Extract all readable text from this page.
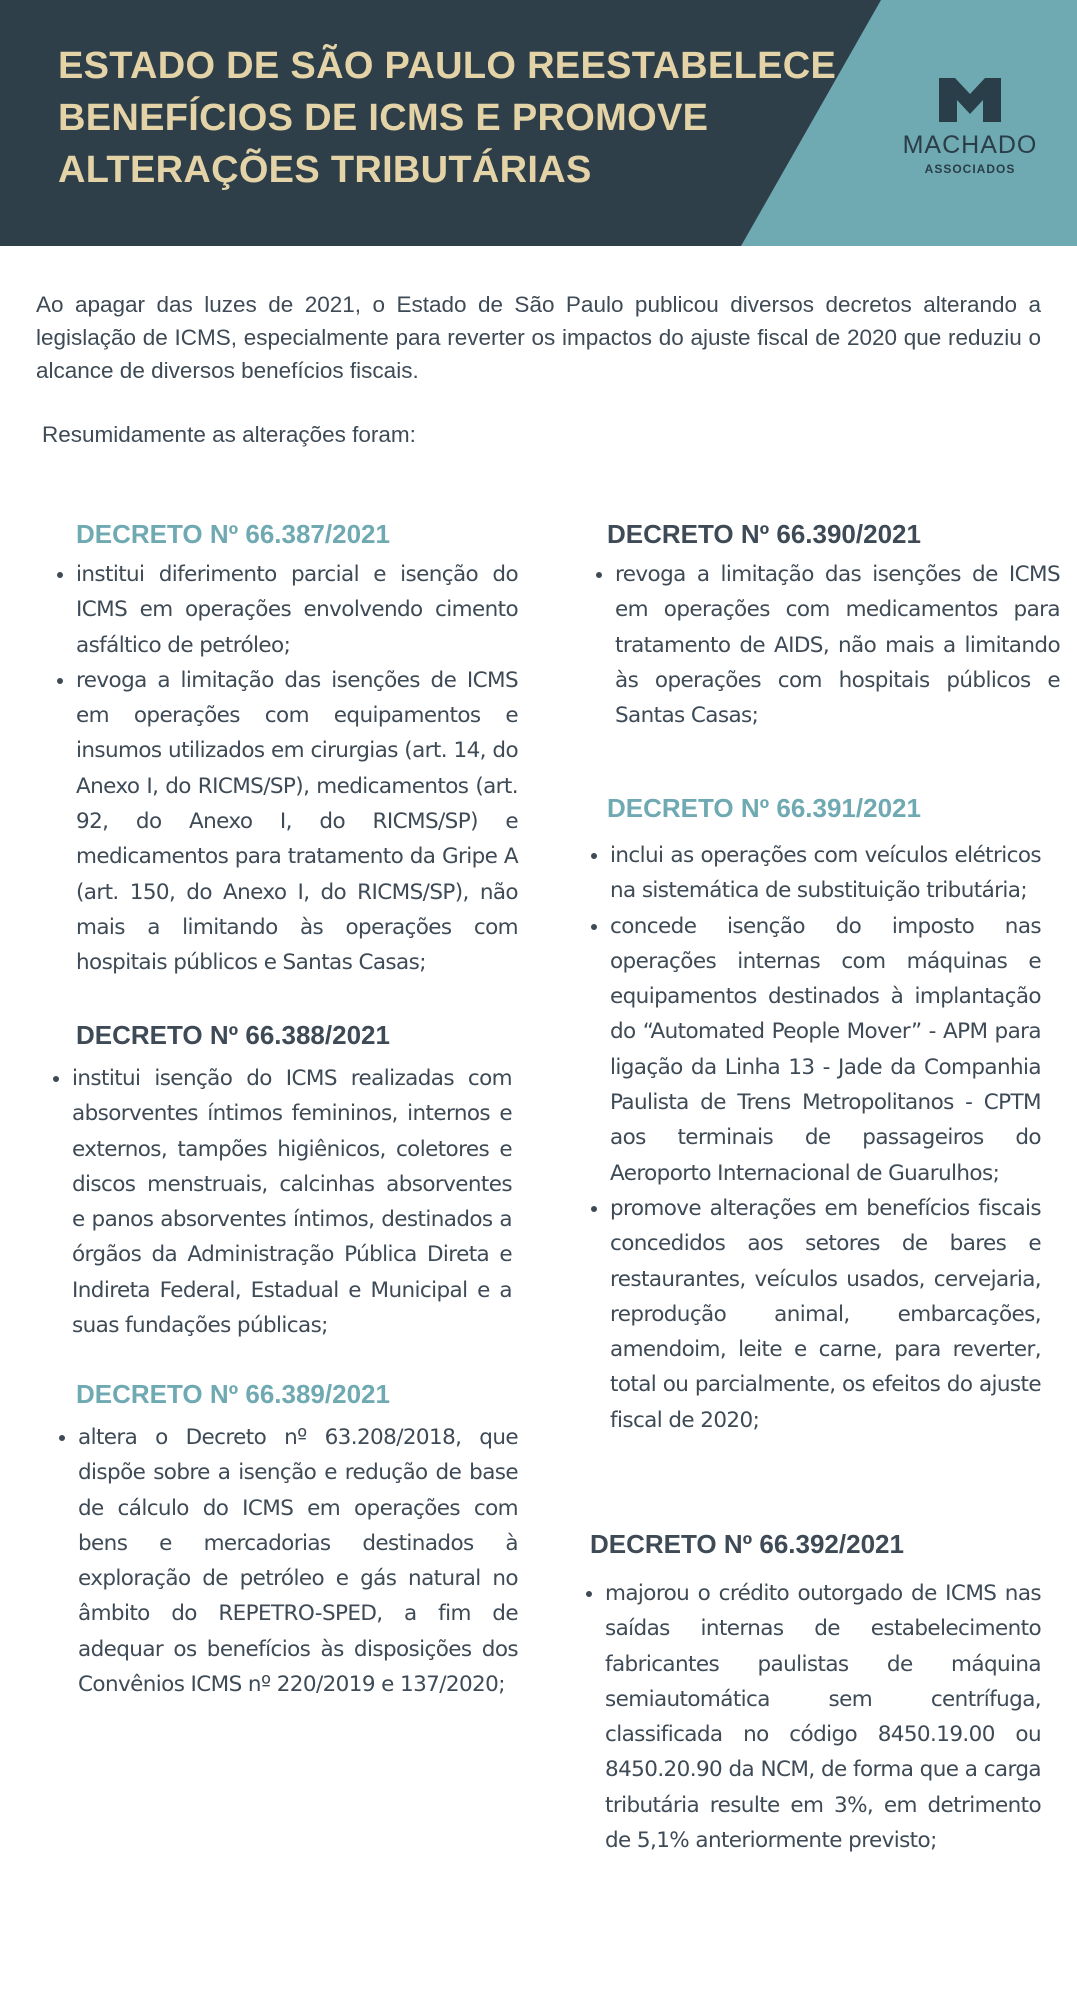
ESTADO DE SÃO PAULO REESTABELECE BENEFÍCIOS DE ICMS E PROMOVE ALTERAÇÕES TRIBUTÁRIAS
MACHADO
ASSOCIADOS

Ao apagar das luzes de 2021, o Estado de São Paulo publicou diversos decretos alterando a legislação de ICMS, especialmente para reverter os impactos do ajuste fiscal de 2020 que reduziu o alcance de diversos benefícios fiscais.

Resumidamente as alterações foram:

DECRETO Nº 66.387/2021
• institui diferimento parcial e isenção do ICMS em operações envolvendo cimento asfáltico de petróleo;
• revoga a limitação das isenções de ICMS em operações com equipamentos e insumos utilizados em cirurgias (art. 14, do Anexo I, do RICMS/SP), medicamentos (art. 92, do Anexo I, do RICMS/SP) e medicamentos para tratamento da Gripe A (art. 150, do Anexo I, do RICMS/SP), não mais a limitando às operações com hospitais públicos e Santas Casas;
DECRETO Nº 66.388/2021
• institui isenção do ICMS realizadas com absorventes íntimos femininos, internos e externos, tampões higiênicos, coletores e discos menstruais, calcinhas absorventes e panos absorventes íntimos, destinados a órgãos da Administração Pública Direta e Indireta Federal, Estadual e Municipal e a suas fundações públicas;
DECRETO Nº 66.389/2021
• altera o Decreto nº 63.208/2018, que dispõe sobre a isenção e redução de base de cálculo do ICMS em operações com bens e mercadorias destinados à exploração de petróleo e gás natural no âmbito do REPETRO-SPED, a fim de adequar os benefícios às disposições dos Convênios ICMS nº 220/2019 e 137/2020;
DECRETO Nº 66.390/2021
• revoga a limitação das isenções de ICMS em operações com medicamentos para tratamento de AIDS, não mais a limitando às operações com hospitais públicos e Santas Casas;
DECRETO Nº 66.391/2021
• inclui as operações com veículos elétricos na sistemática de substituição tributária;
• concede isenção do imposto nas operações internas com máquinas e equipamentos destinados à implantação do “Automated People Mover” - APM para ligação da Linha 13 - Jade da Companhia Paulista de Trens Metropolitanos - CPTM aos terminais de passageiros do Aeroporto Internacional de Guarulhos;
• promove alterações em benefícios fiscais concedidos aos setores de bares e restaurantes, veículos usados, cervejaria, reprodução animal, embarcações, amendoim, leite e carne, para reverter, total ou parcialmente, os efeitos do ajuste fiscal de 2020;
DECRETO Nº 66.392/2021
• majorou o crédito outorgado de ICMS nas saídas internas de estabelecimento fabricantes paulistas de máquina semiautomática sem centrífuga, classificada no código 8450.19.00 ou 8450.20.90 da NCM, de forma que a carga tributária resulte em 3%, em detrimento de 5,1% anteriormente previsto;
